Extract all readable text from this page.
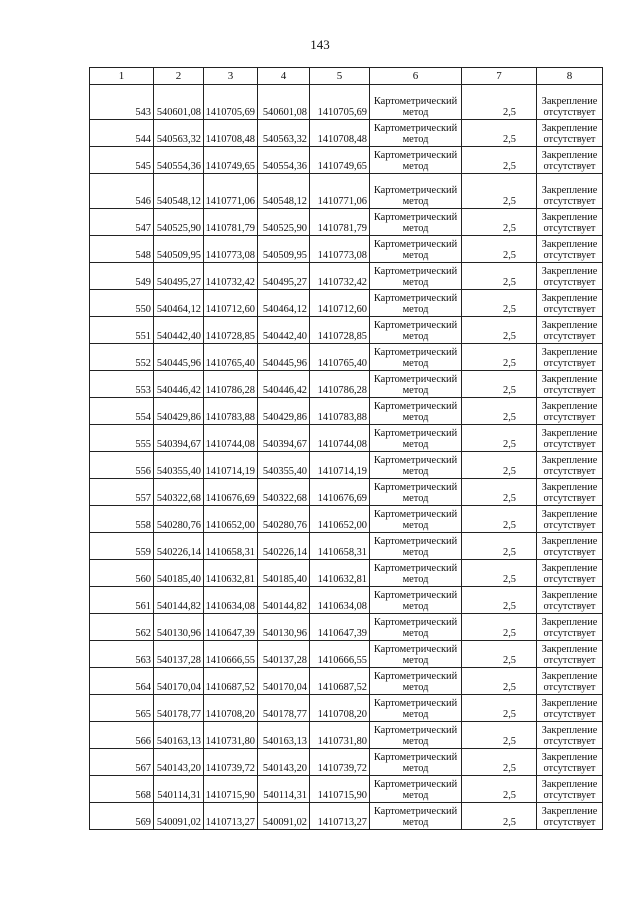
143
1	2	3	4	5	6	7	8
543	540601,08	1410705,69	540601,08	1410705,69	Картометрический метод	2,5	Закрепление отсутствует
544	540563,32	1410708,48	540563,32	1410708,48	Картометрический метод	2,5	Закрепление отсутствует
545	540554,36	1410749,65	540554,36	1410749,65	Картометрический метод	2,5	Закрепление отсутствует
546	540548,12	1410771,06	540548,12	1410771,06	Картометрический метод	2,5	Закрепление отсутствует
547	540525,90	1410781,79	540525,90	1410781,79	Картометрический метод	2,5	Закрепление отсутствует
548	540509,95	1410773,08	540509,95	1410773,08	Картометрический метод	2,5	Закрепление отсутствует
549	540495,27	1410732,42	540495,27	1410732,42	Картометрический метод	2,5	Закрепление отсутствует
550	540464,12	1410712,60	540464,12	1410712,60	Картометрический метод	2,5	Закрепление отсутствует
551	540442,40	1410728,85	540442,40	1410728,85	Картометрический метод	2,5	Закрепление отсутствует
552	540445,96	1410765,40	540445,96	1410765,40	Картометрический метод	2,5	Закрепление отсутствует
553	540446,42	1410786,28	540446,42	1410786,28	Картометрический метод	2,5	Закрепление отсутствует
554	540429,86	1410783,88	540429,86	1410783,88	Картометрический метод	2,5	Закрепление отсутствует
555	540394,67	1410744,08	540394,67	1410744,08	Картометрический метод	2,5	Закрепление отсутствует
556	540355,40	1410714,19	540355,40	1410714,19	Картометрический метод	2,5	Закрепление отсутствует
557	540322,68	1410676,69	540322,68	1410676,69	Картометрический метод	2,5	Закрепление отсутствует
558	540280,76	1410652,00	540280,76	1410652,00	Картометрический метод	2,5	Закрепление отсутствует
559	540226,14	1410658,31	540226,14	1410658,31	Картометрический метод	2,5	Закрепление отсутствует
560	540185,40	1410632,81	540185,40	1410632,81	Картометрический метод	2,5	Закрепление отсутствует
561	540144,82	1410634,08	540144,82	1410634,08	Картометрический метод	2,5	Закрепление отсутствует
562	540130,96	1410647,39	540130,96	1410647,39	Картометрический метод	2,5	Закрепление отсутствует
563	540137,28	1410666,55	540137,28	1410666,55	Картометрический метод	2,5	Закрепление отсутствует
564	540170,04	1410687,52	540170,04	1410687,52	Картометрический метод	2,5	Закрепление отсутствует
565	540178,77	1410708,20	540178,77	1410708,20	Картометрический метод	2,5	Закрепление отсутствует
566	540163,13	1410731,80	540163,13	1410731,80	Картометрический метод	2,5	Закрепление отсутствует
567	540143,20	1410739,72	540143,20	1410739,72	Картометрический метод	2,5	Закрепление отсутствует
568	540114,31	1410715,90	540114,31	1410715,90	Картометрический метод	2,5	Закрепление отсутствует
569	540091,02	1410713,27	540091,02	1410713,27	Картометрический метод	2,5	Закрепление отсутствует
